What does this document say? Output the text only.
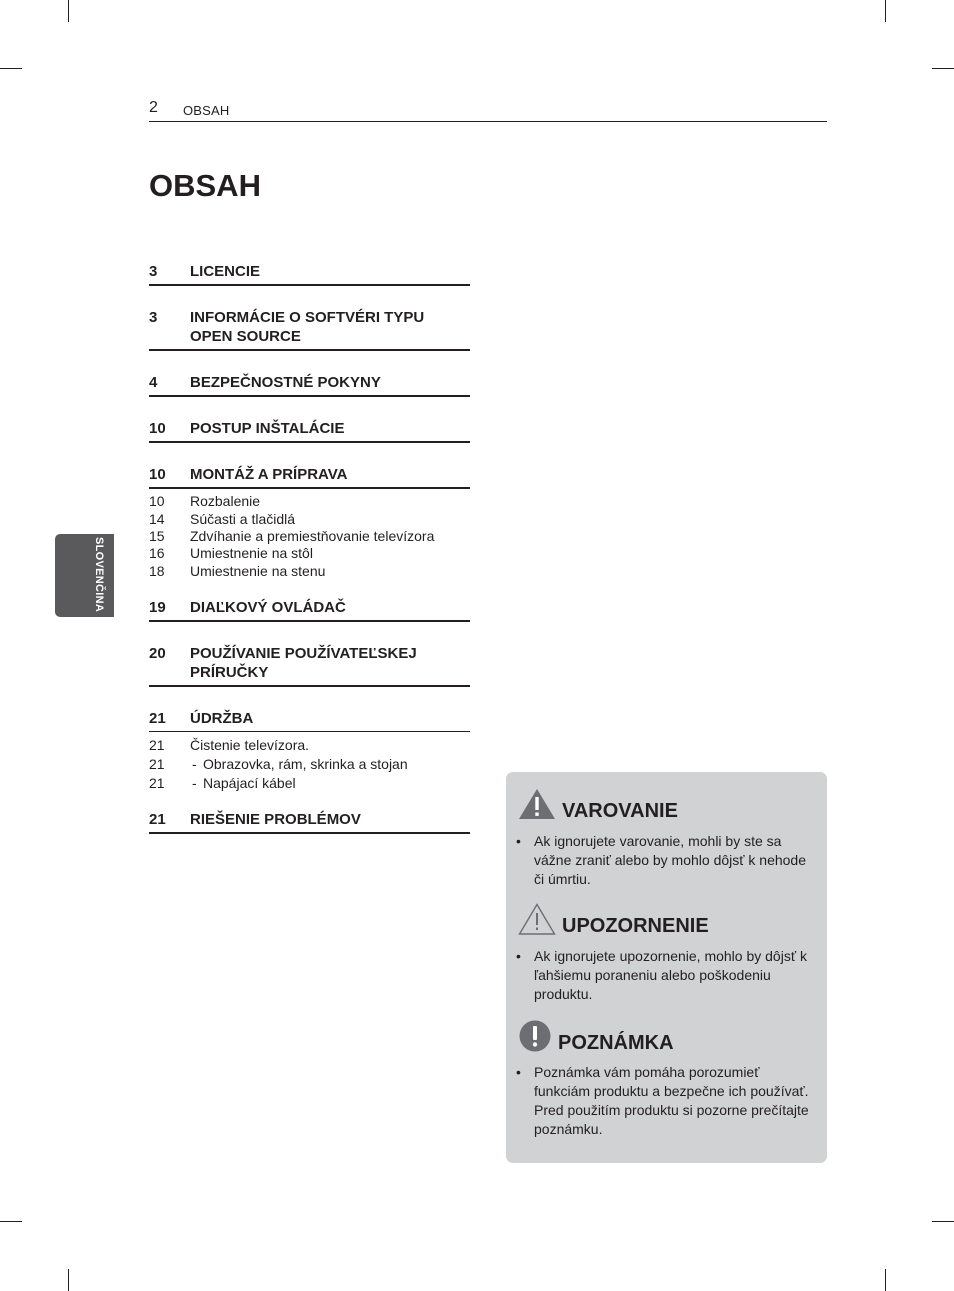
2 OBSAH
OBSAH
SLOVENČINA
3 LICENCIE
3 INFORMÁCIE O SOFTVÉRI TYPU OPEN SOURCE
4 BEZPEČNOSTNÉ POKYNY
10 POSTUP INŠTALÁCIE
10 MONTÁŽ A PRÍPRAVA
10 Rozbalenie
14 Súčasti a tlačidlá
15 Zdvíhanie a premiestňovanie televízora
16 Umiestnenie na stôl
18 Umiestnenie na stenu
19 DIAĽKOVÝ OVLÁDAČ
20 POUŽÍVANIE POUŽÍVATEĽSKEJ PRÍRUČKY
21 ÚDRŽBA
21 Čistenie televízora.
21 - Obrazovka, rám, skrinka a stojan
21 - Napájací kábel
21 RIEŠENIE PROBLÉMOV	VAROVANIE
• Ak ignorujete varovanie, mohli by ste sa vážne zraniť alebo by mohlo dôjsť k nehode či úmrtiu.
UPOZORNENIE
• Ak ignorujete upozornenie, mohlo by dôjsť k ľahšiemu poraneniu alebo poškodeniu produktu.
POZNÁMKA
• Poznámka vám pomáha porozumieť funkciám produktu a bezpečne ich používať. Pred použitím produktu si pozorne prečítajte poznámku.
